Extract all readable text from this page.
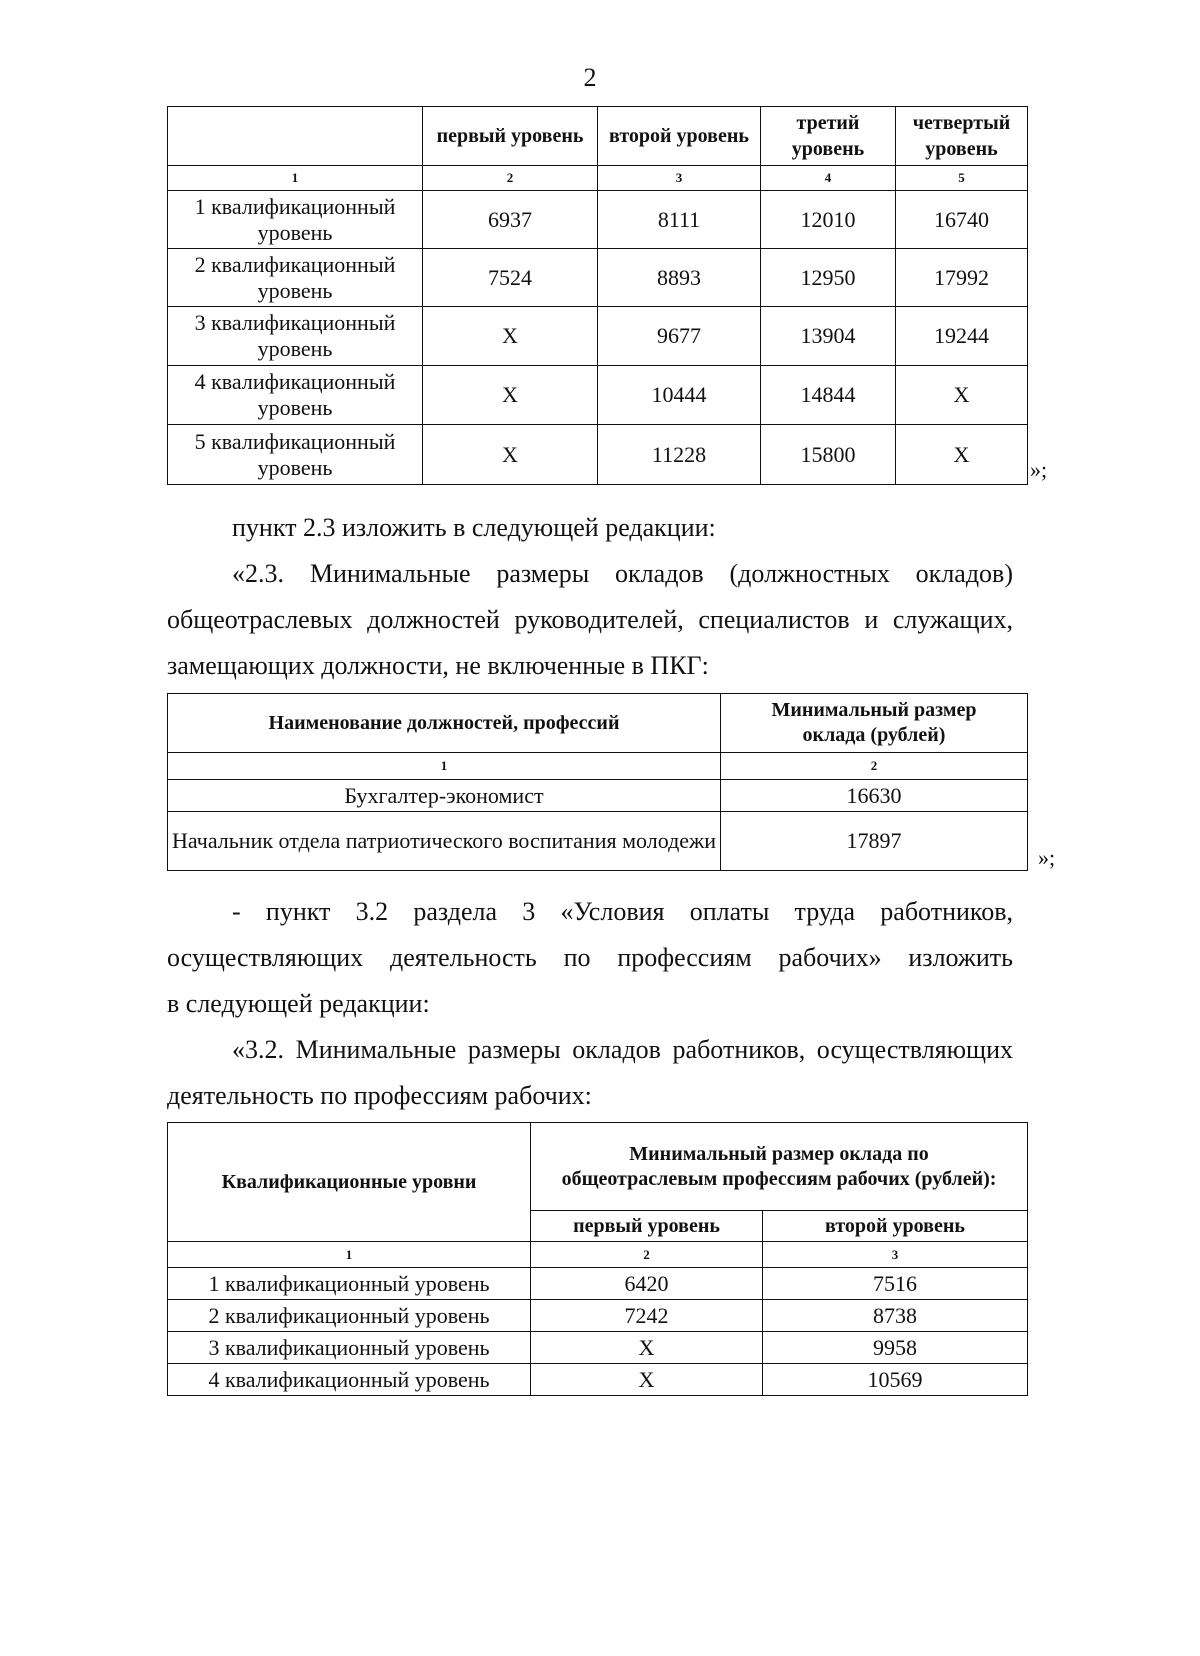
2
	первый уровень	второй уровень	третий уровень	четвертый уровень
1	2	3	4	5
1 квалификационный уровень	6937	8111	12010	16740
2 квалификационный уровень	7524	8893	12950	17992
3 квалификационный уровень	X	9677	13904	19244
4 квалификационный уровень	X	10444	14844	X
5 квалификационный уровень	X	11228	15800	X
»;
пункт 2.3 изложить в следующей редакции:
«2.3. Минимальные размеры окладов (должностных окладов)
общеотраслевых должностей руководителей, специалистов и служащих,
замещающих должности, не включенные в ПКГ:
Наименование должностей, профессий	Минимальный размер оклада (рублей)
1	2
Бухгалтер-экономист	16630
Начальник отдела патриотического воспитания молодежи	17897
»;
- пункт 3.2 раздела 3 «Условия оплаты труда работников,
осуществляющих деятельность по профессиям рабочих» изложить
в следующей редакции:
«3.2. Минимальные размеры окладов работников, осуществляющих
деятельность по профессиям рабочих:
Квалификационные уровни	Минимальный размер оклада по общеотраслевым профессиям рабочих (рублей):	
	первый уровень	второй уровень
1	2	3
1 квалификационный уровень	6420	7516
2 квалификационный уровень	7242	8738
3 квалификационный уровень	X	9958
4 квалификационный уровень	X	10569
